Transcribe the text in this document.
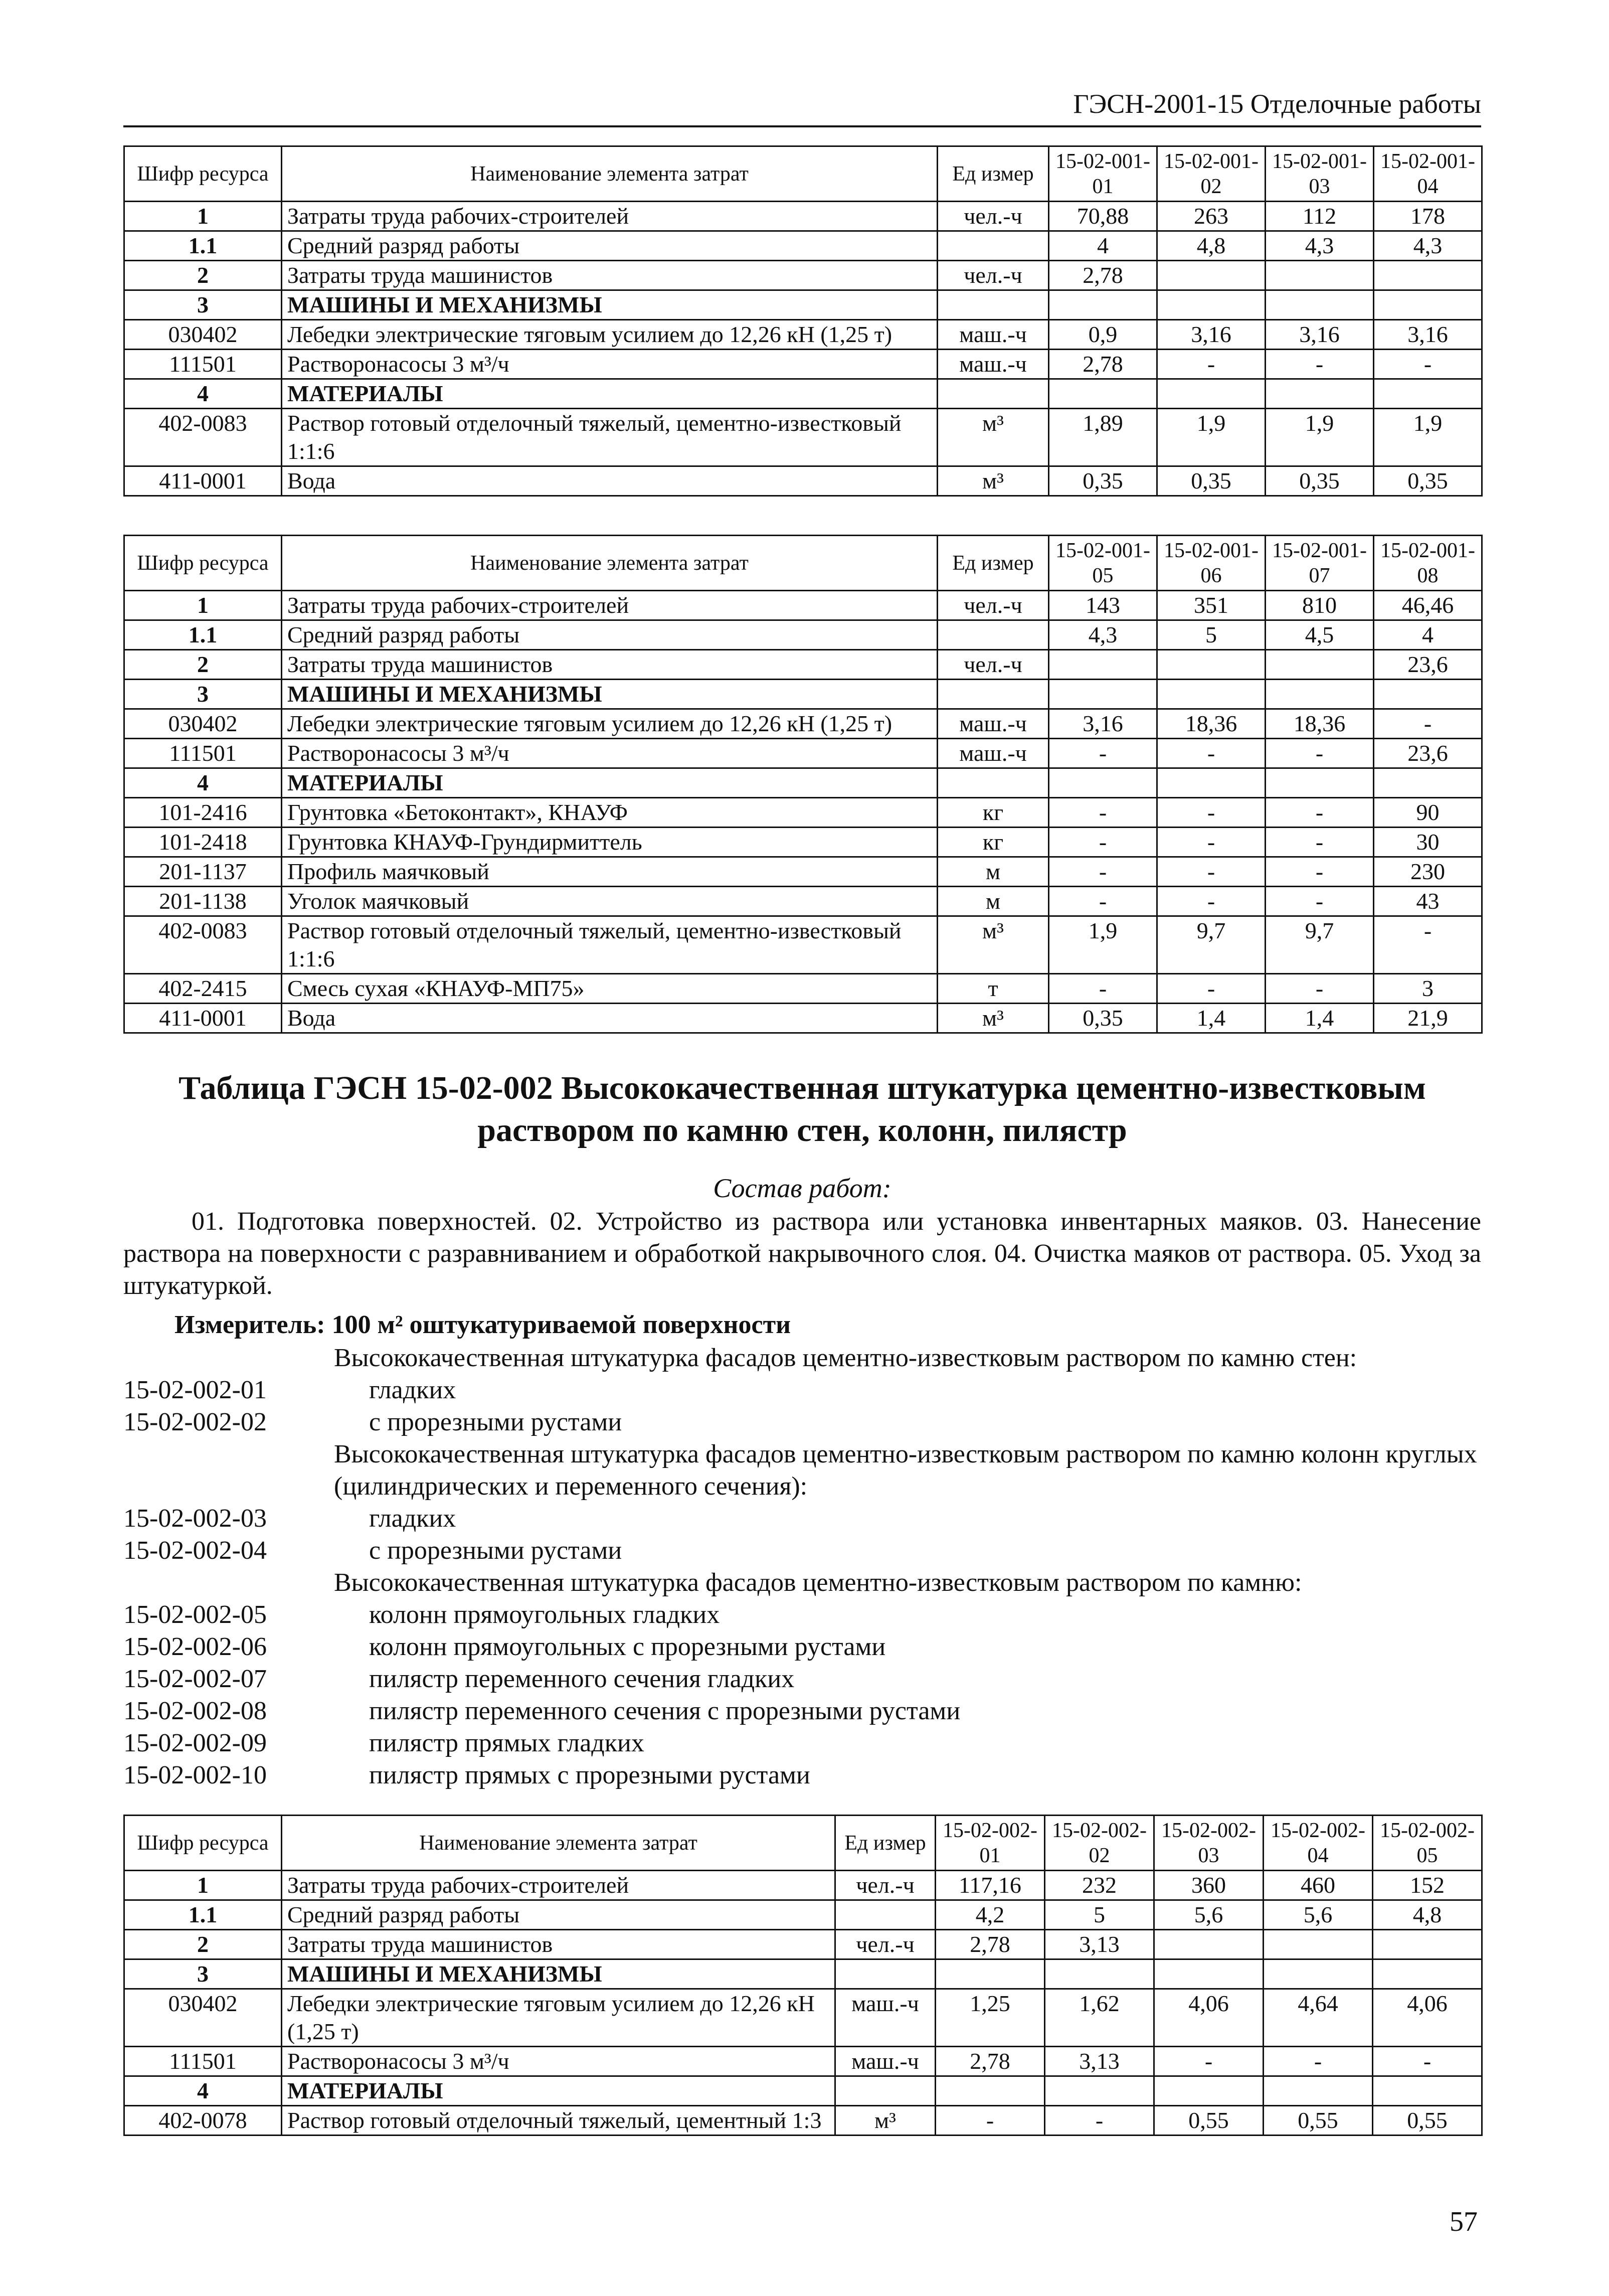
ГЭСН-2001-15 Отделочные работы
Шифр ресурса	Наименование элемента затрат	Ед измер	15-02-001-01	15-02-001-02	15-02-001-03	15-02-001-04
1	Затраты труда рабочих-строителей	чел.-ч	70,88	263	112	178
1.1	Средний разряд работы		4	4,8	4,3	4,3
2	Затраты труда машинистов	чел.-ч	2,78			
3	МАШИНЫ И МЕХАНИЗМЫ					
030402	Лебедки электрические тяговым усилием до 12,26 кН (1,25 т)	маш.-ч	0,9	3,16	3,16	3,16
111501	Растворонасосы 3 м³/ч	маш.-ч	2,78	-	-	-
4	МАТЕРИАЛЫ					
402-0083	Раствор готовый отделочный тяжелый, цементно-известковый 1:1:6	м³	1,89	1,9	1,9	1,9
411-0001	Вода	м³	0,35	0,35	0,35	0,35
Шифр ресурса	Наименование элемента затрат	Ед измер	15-02-001-05	15-02-001-06	15-02-001-07	15-02-001-08
1	Затраты труда рабочих-строителей	чел.-ч	143	351	810	46,46
1.1	Средний разряд работы		4,3	5	4,5	4
2	Затраты труда машинистов	чел.-ч				23,6
3	МАШИНЫ И МЕХАНИЗМЫ					
030402	Лебедки электрические тяговым усилием до 12,26 кН (1,25 т)	маш.-ч	3,16	18,36	18,36	-
111501	Растворонасосы 3 м³/ч	маш.-ч	-	-	-	23,6
4	МАТЕРИАЛЫ					
101-2416	Грунтовка «Бетоконтакт», КНАУФ	кг	-	-	-	90
101-2418	Грунтовка КНАУФ-Грундирмиттель	кг	-	-	-	30
201-1137	Профиль маячковый	м	-	-	-	230
201-1138	Уголок маячковый	м	-	-	-	43
402-0083	Раствор готовый отделочный тяжелый, цементно-известковый 1:1:6	м³	1,9	9,7	9,7	-
402-2415	Смесь сухая «КНАУФ-МП75»	т	-	-	-	3
411-0001	Вода	м³	0,35	1,4	1,4	21,9
Таблица ГЭСН 15-02-002 Высококачественная штукатурка цементно-известковым раствором по камню стен, колонн, пилястр
Состав работ:
01. Подготовка поверхностей. 02. Устройство из раствора или установка инвентарных маяков. 03. Нанесение раствора на поверхности с разравниванием и обработкой накрывочного слоя. 04. Очистка маяков от раствора. 05. Уход за штукатуркой.
Измеритель: 100 м² оштукатуриваемой поверхности
Высококачественная штукатурка фасадов цементно-известковым раствором по камню стен:
15-02-002-01	гладких
15-02-002-02	с прорезными рустами
Высококачественная штукатурка фасадов цементно-известковым раствором по камню колонн круглых (цилиндрических и переменного сечения):
15-02-002-03	гладких
15-02-002-04	с прорезными рустами
Высококачественная штукатурка фасадов цементно-известковым раствором по камню:
15-02-002-05	колонн прямоугольных гладких
15-02-002-06	колонн прямоугольных с прорезными рустами
15-02-002-07	пилястр переменного сечения гладких
15-02-002-08	пилястр переменного сечения с прорезными рустами
15-02-002-09	пилястр прямых гладких
15-02-002-10	пилястр прямых с прорезными рустами
Шифр ресурса	Наименование элемента затрат	Ед измер	15-02-002-01	15-02-002-02	15-02-002-03	15-02-002-04	15-02-002-05
1	Затраты труда рабочих-строителей	чел.-ч	117,16	232	360	460	152
1.1	Средний разряд работы		4,2	5	5,6	5,6	4,8
2	Затраты труда машинистов	чел.-ч	2,78	3,13			
3	МАШИНЫ И МЕХАНИЗМЫ						
030402	Лебедки электрические тяговым усилием до 12,26 кН (1,25 т)	маш.-ч	1,25	1,62	4,06	4,64	4,06
111501	Растворонасосы 3 м³/ч	маш.-ч	2,78	3,13	-	-	-
4	МАТЕРИАЛЫ						
402-0078	Раствор готовый отделочный тяжелый, цементный 1:3	м³	-	-	0,55	0,55	0,55
57
